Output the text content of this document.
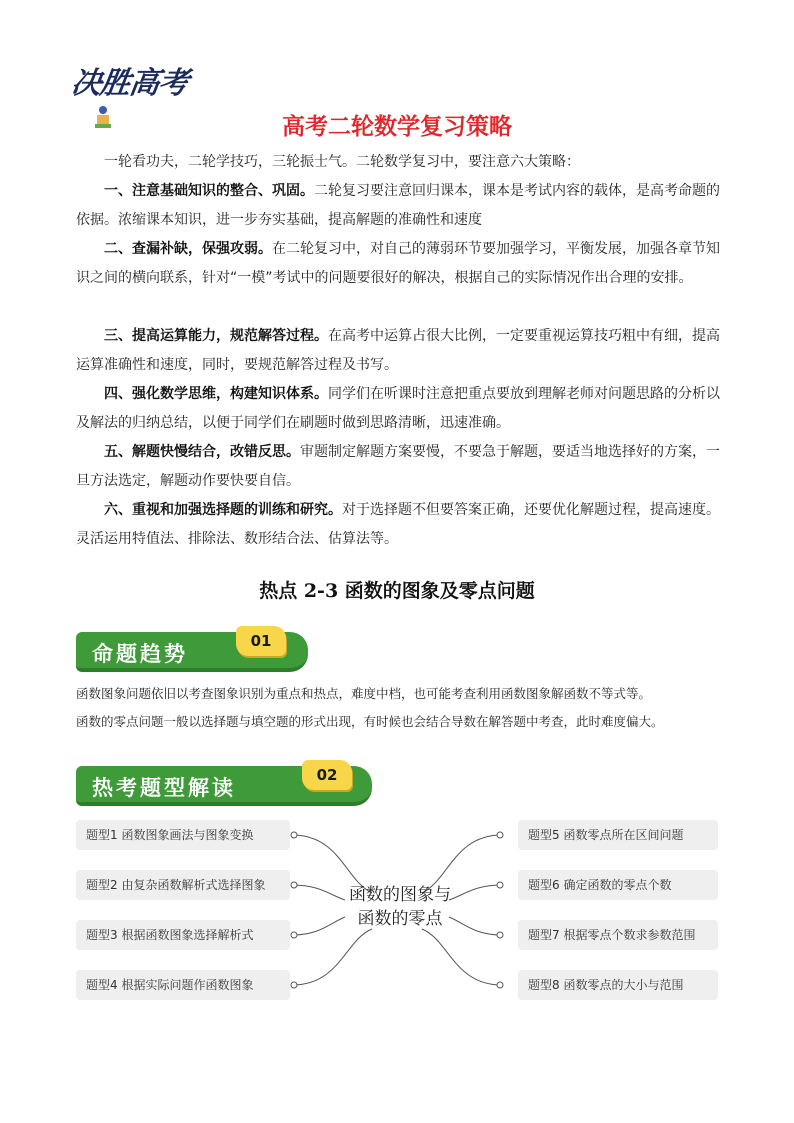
决胜高考
高考二轮数学复习策略

一轮看功夫，二轮学技巧，三轮振士气。二轮数学复习中，要注意六大策略：

一、注意基础知识的整合、巩固。二轮复习要注意回归课本，课本是考试内容的载体，是高考命题的依据。浓缩课本知识，进一步夯实基础，提高解题的准确性和速度

二、查漏补缺，保强攻弱。在二轮复习中，对自己的薄弱环节要加强学习，平衡发展，加强各章节知识之间的横向联系，针对“一模”考试中的问题要很好的解决，根据自己的实际情况作出合理的安排。

三、提高运算能力，规范解答过程。在高考中运算占很大比例，一定要重视运算技巧粗中有细，提高运算准确性和速度，同时，要规范解答过程及书写。

四、强化数学思维，构建知识体系。同学们在听课时注意把重点要放到理解老师对问题思路的分析以及解法的归纳总结，以便于同学们在刷题时做到思路清晰，迅速准确。

五、解题快慢结合，改错反思。审题制定解题方案要慢，不要急于解题，要适当地选择好的方案，一旦方法选定，解题动作要快要自信。

六、重视和加强选择题的训练和研究。对于选择题不但要答案正确，还要优化解题过程，提高速度。灵活运用特值法、排除法、数形结合法、估算法等。

热点 2-3 函数的图象及零点问题
命题趋势	01
函数图象问题依旧以考查图象识别为重点和热点，难度中档，也可能考查利用函数图象解函数不等式等。
函数的零点问题一般以选择题与填空题的形式出现，有时候也会结合导数在解答题中考查，此时难度偏大。
热考题型解读	02
题型1 函数图象画法与图象变换
题型2 由复杂函数解析式选择图象
题型3 根据函数图象选择解析式
题型4 根据实际问题作函数图象
题型5 函数零点所在区间问题
题型6 确定函数的零点个数
题型7 根据零点个数求参数范围
题型8 函数零点的大小与范围
函数的图象与
函数的零点
